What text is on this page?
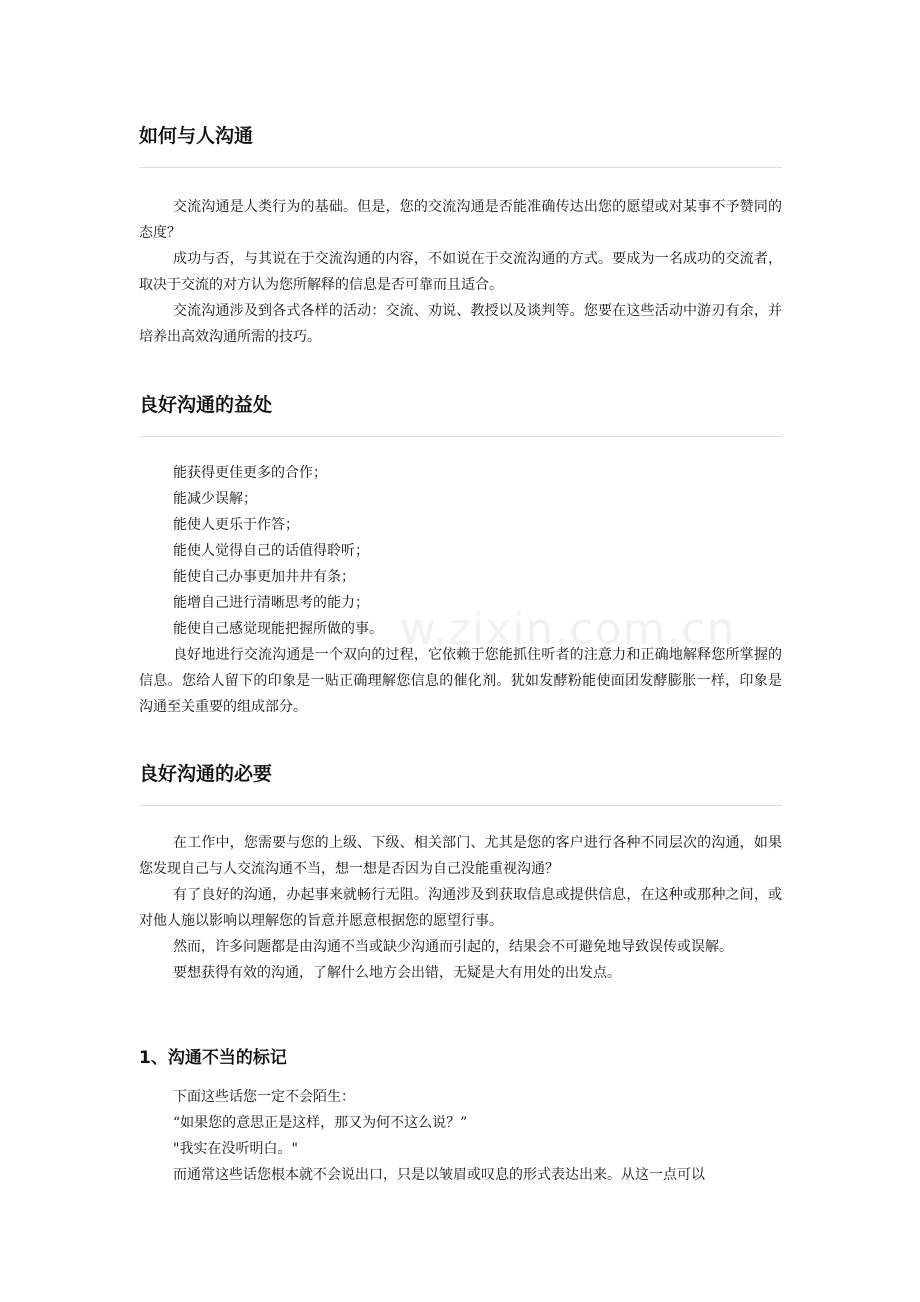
如何与人沟通

交流沟通是人类行为的基础。但是，您的交流沟通是否能准确传达出您的愿望或对某事不予赞同的态度？

成功与否，与其说在于交流沟通的内容，不如说在于交流沟通的方式。要成为一名成功的交流者，取决于交流的对方认为您所解释的信息是否可靠而且适合。

交流沟通涉及到各式各样的活动：交流、劝说、教授以及谈判等。您要在这些活动中游刃有余，并培养出高效沟通所需的技巧。

良好沟通的益处
能获得更佳更多的合作；
能减少误解；
能使人更乐于作答；
能使人觉得自己的话值得聆听；
能使自己办事更加井井有条；
能增自己进行清晰思考的能力；
能使自己感觉现能把握所做的事。

良好地进行交流沟通是一个双向的过程，它依赖于您能抓住听者的注意力和正确地解释您所掌握的信息。您给人留下的印象是一贴正确理解您信息的催化剂。犹如发酵粉能使面团发酵膨胀一样，印象是沟通至关重要的组成部分。

良好沟通的必要

在工作中，您需要与您的上级、下级、相关部门、尤其是您的客户进行各种不同层次的沟通，如果您发现自己与人交流沟通不当，想一想是否因为自己没能重视沟通？

有了良好的沟通，办起事来就畅行无阻。沟通涉及到获取信息或提供信息，在这种或那种之间，或对他人施以影响以理解您的旨意并愿意根据您的愿望行事。

然而，许多问题都是由沟通不当或缺少沟通而引起的，结果会不可避免地导致误传或误解。

要想获得有效的沟通，了解什么地方会出错，无疑是大有用处的出发点。

1、沟通不当的标记

下面这些话您一定不会陌生：

“如果您的意思正是这样，那又为何不这么说？”

"我实在没听明白。"

而通常这些话您根本就不会说出口，只是以皱眉或叹息的形式表达出来。从这一点可以

w.zixin.com.cn
